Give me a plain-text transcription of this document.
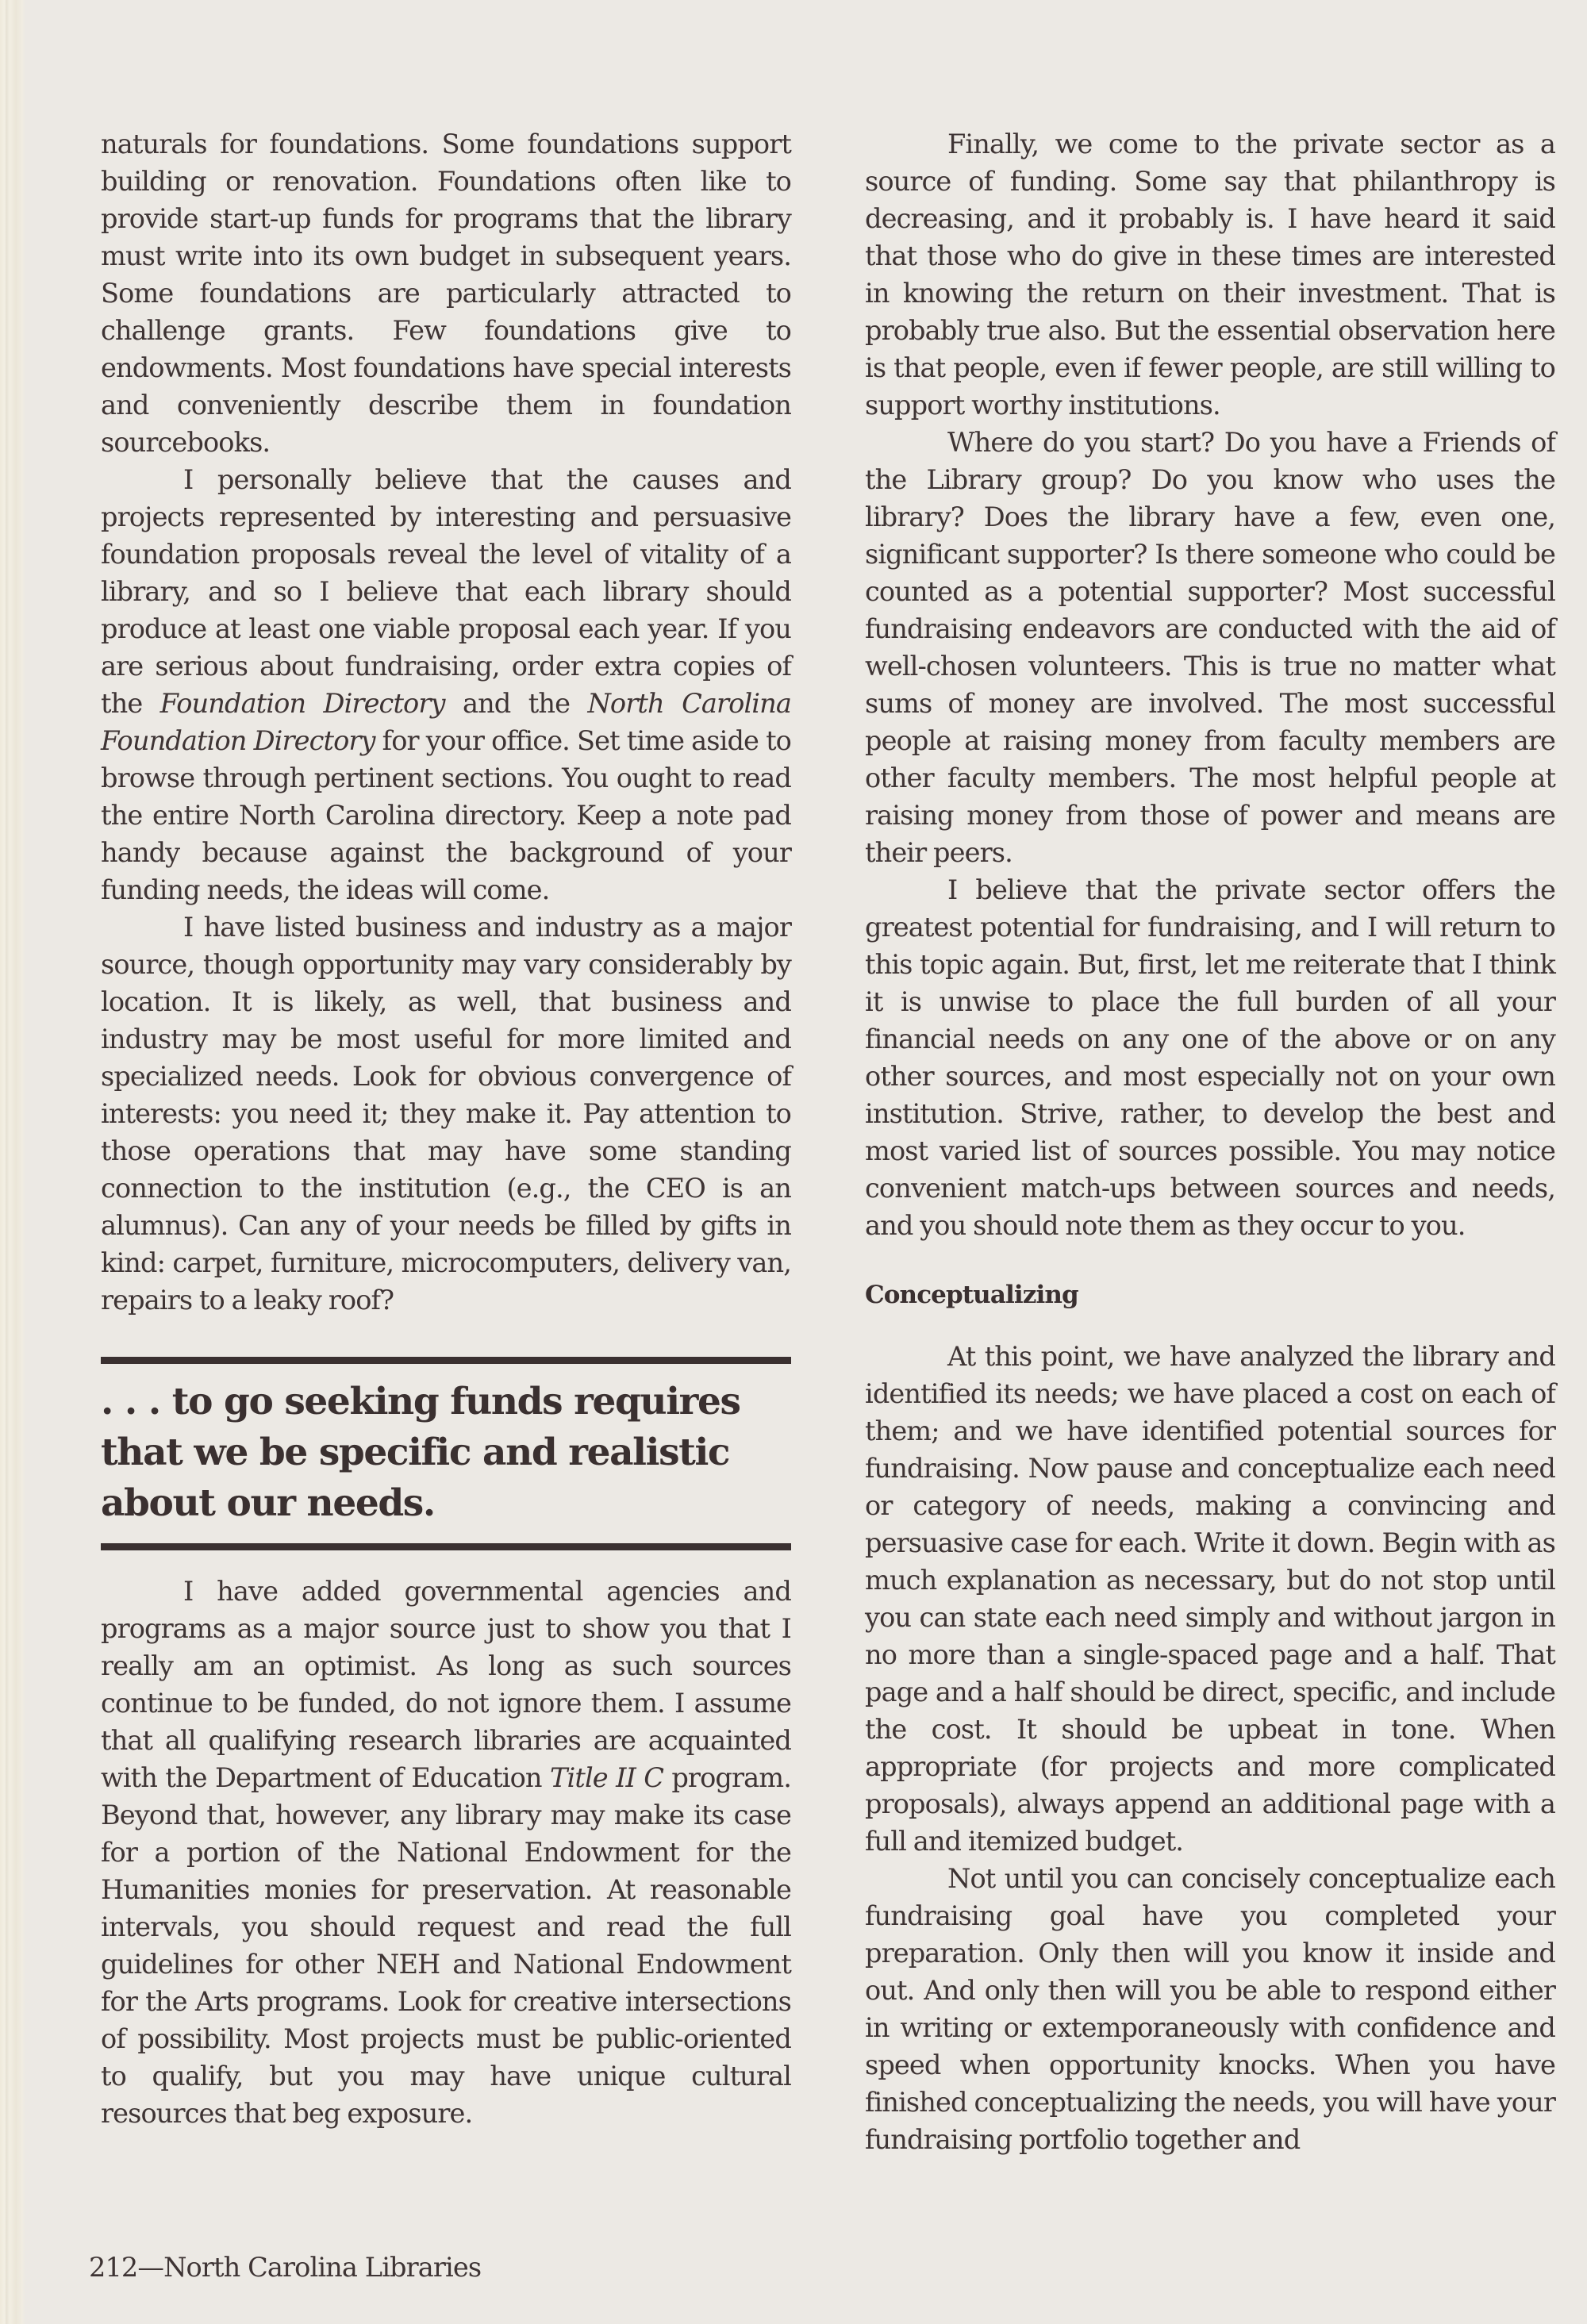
naturals for foundations. Some foundations support building or renovation. Foundations often like to provide start-up funds for programs that the library must write into its own budget in subsequent years. Some foundations are particularly attracted to challenge grants. Few foundations give to endowments. Most foundations have special interests and conveniently describe them in foundation sourcebooks.

I personally believe that the causes and projects represented by interesting and persuasive foundation proposals reveal the level of vitality of a library, and so I believe that each library should produce at least one viable proposal each year. If you are serious about fundraising, order extra copies of the Foundation Directory and the North Carolina Foundation Directory for your office. Set time aside to browse through pertinent sections. You ought to read the entire North Carolina directory. Keep a note pad handy because against the background of your funding needs, the ideas will come.

I have listed business and industry as a major source, though opportunity may vary considerably by location. It is likely, as well, that business and industry may be most useful for more limited and specialized needs. Look for obvious convergence of interests: you need it; they make it. Pay attention to those operations that may have some standing connection to the institution (e.g., the CEO is an alumnus). Can any of your needs be filled by gifts in kind: carpet, furniture, microcomputers, delivery van, repairs to a leaky roof?

. . . to go seeking funds requires that we be specific and realistic about our needs.

I have added governmental agencies and programs as a major source just to show you that I really am an optimist. As long as such sources continue to be funded, do not ignore them. I assume that all qualifying research libraries are acquainted with the Department of Education Title II C program. Beyond that, however, any library may make its case for a portion of the National Endowment for the Humanities monies for preservation. At reasonable intervals, you should request and read the full guidelines for other NEH and National Endowment for the Arts programs. Look for creative intersections of possibility. Most projects must be public-oriented to qualify, but you may have unique cultural resources that beg exposure.

Finally, we come to the private sector as a source of funding. Some say that philanthropy is decreasing, and it probably is. I have heard it said that those who do give in these times are interested in knowing the return on their investment. That is probably true also. But the essential observation here is that people, even if fewer people, are still willing to support worthy institutions.

Where do you start? Do you have a Friends of the Library group? Do you know who uses the library? Does the library have a few, even one, significant supporter? Is there someone who could be counted as a potential supporter? Most successful fundraising endeavors are conducted with the aid of well-chosen volunteers. This is true no matter what sums of money are involved. The most successful people at raising money from faculty members are other faculty members. The most helpful people at raising money from those of power and means are their peers.

I believe that the private sector offers the greatest potential for fundraising, and I will return to this topic again. But, first, let me reiterate that I think it is unwise to place the full burden of all your financial needs on any one of the above or on any other sources, and most especially not on your own institution. Strive, rather, to develop the best and most varied list of sources possible. You may notice convenient match-ups between sources and needs, and you should note them as they occur to you.

Conceptualizing

At this point, we have analyzed the library and identified its needs; we have placed a cost on each of them; and we have identified potential sources for fundraising. Now pause and conceptualize each need or category of needs, making a convincing and persuasive case for each. Write it down. Begin with as much explanation as necessary, but do not stop until you can state each need simply and without jargon in no more than a single-spaced page and a half. That page and a half should be direct, specific, and include the cost. It should be upbeat in tone. When appropriate (for projects and more complicated proposals), always append an additional page with a full and itemized budget.

Not until you can concisely conceptualize each fundraising goal have you completed your preparation. Only then will you know it inside and out. And only then will you be able to respond either in writing or extemporaneously with confidence and speed when opportunity knocks. When you have finished conceptualizing the needs, you will have your fundraising portfolio together and

212—North Carolina Libraries
